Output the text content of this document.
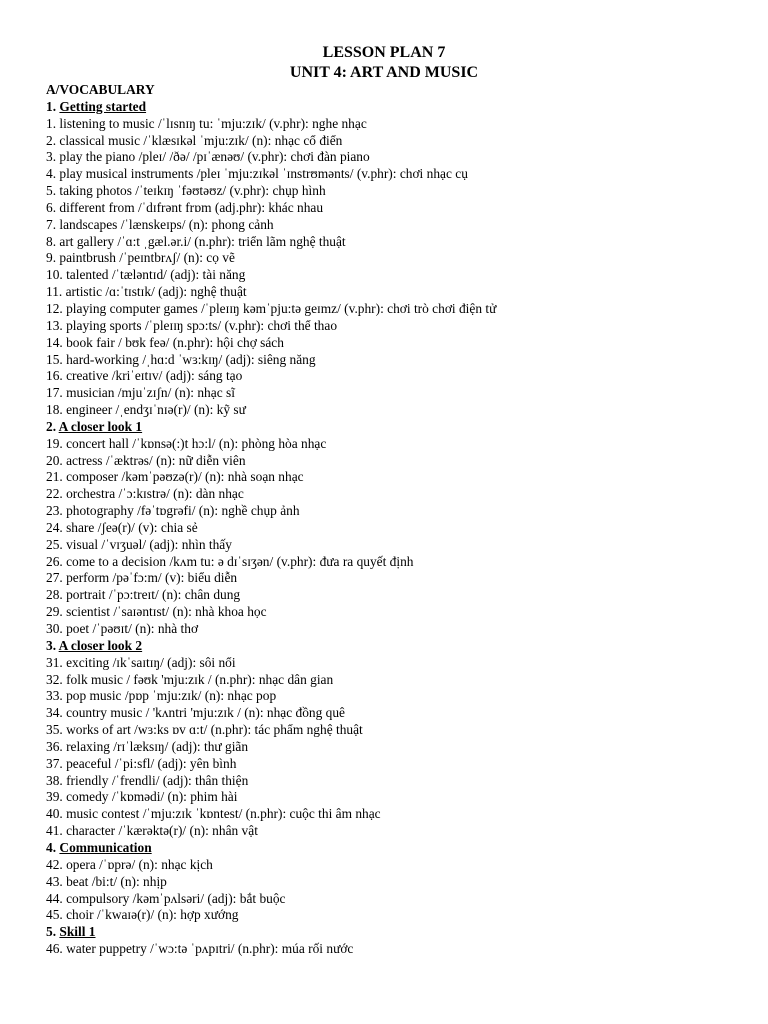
LESSON PLAN 7
UNIT 4: ART AND MUSIC
A/VOCABULARY
1. Getting started
1. listening to music /ˈlɪsnɪŋ tu: ˈmju:zɪk/ (v.phr): nghe nhạc
2. classical music /ˈklæsɪkəl ˈmju:zɪk/ (n): nhạc cổ điển
3. play the piano /pleɪ/ /ðə/ /pɪˈænəʊ/ (v.phr): chơi đàn piano
4. play musical instruments /pleɪ ˈmju:zɪkəl ˈɪnstrʊmənts/ (v.phr): chơi nhạc cụ
5. taking photos /ˈteɪkɪŋ ˈfəʊtəʊz/ (v.phr): chụp hình
6. different from /ˈdɪfrənt frɒm (adj.phr): khác nhau
7. landscapes /ˈlænskeɪps/ (n): phong cảnh
8. art gallery /ˈɑ:t ˌgæl.ər.i/ (n.phr): triển lãm nghệ thuật
9. paintbrush /ˈpeɪntbrʌʃ/ (n): cọ vẽ
10. talented /ˈtæləntɪd/ (adj): tài năng
11. artistic /ɑ:ˈtɪstɪk/ (adj): nghệ thuật
12. playing computer games /ˈpleɪɪŋ kəmˈpju:tə geɪmz/ (v.phr): chơi trò chơi điện tử
13. playing sports /ˈpleɪɪŋ spɔ:ts/ (v.phr): chơi thể thao
14. book fair / bʊk feə/ (n.phr): hội chợ sách
15. hard-working /ˌhɑ:d ˈwɜ:kɪŋ/ (adj): siêng năng
16. creative /kriˈeɪtɪv/ (adj): sáng tạo
17. musician /mjuˈzɪʃn/ (n): nhạc sĩ
18. engineer /ˌendʒɪˈnɪə(r)/ (n): kỹ sư
2. A closer look 1
19. concert hall /ˈkɒnsə(:)t hɔ:l/ (n): phòng hòa nhạc
20. actress /ˈæktrəs/ (n): nữ diễn viên
21. composer /kəmˈpəʊzə(r)/ (n): nhà soạn nhạc
22. orchestra /ˈɔ:kɪstrə/ (n): dàn nhạc
23. photography /fəˈtɒgrəfi/ (n): nghề chụp ảnh
24. share /ʃeə(r)/ (v): chia sẻ
25. visual /ˈvɪʒuəl/ (adj): nhìn thấy
26. come to a decision /kʌm tu: ə dɪˈsɪʒən/ (v.phr): đưa ra quyết định
27. perform /pəˈfɔ:m/ (v): biểu diễn
28. portrait /ˈpɔ:treɪt/ (n): chân dung
29. scientist /ˈsaɪəntɪst/ (n): nhà khoa học
30. poet /ˈpəʊɪt/ (n): nhà thơ
3. A closer look 2
31. exciting /ɪkˈsaɪtɪŋ/ (adj): sôi nổi
32. folk music / fəʊk 'mju:zɪk / (n.phr): nhạc dân gian
33. pop music /pɒp ˈmju:zɪk/ (n): nhạc pop
34. country music / 'kʌntri 'mju:zɪk / (n): nhạc đồng quê
35. works of art /wɜ:ks ɒv ɑ:t/ (n.phr): tác phẩm nghệ thuật
36. relaxing /rɪˈlæksɪŋ/ (adj): thư giãn
37. peaceful /ˈpi:sfl/ (adj): yên bình
38. friendly /ˈfrendli/ (adj): thân thiện
39. comedy /ˈkɒmədi/ (n): phim hài
40. music contest /ˈmju:zɪk ˈkɒntest/ (n.phr): cuộc thi âm nhạc
41. character /ˈkærəktə(r)/ (n): nhân vật
4. Communication
42. opera /ˈɒprə/ (n): nhạc kịch
43. beat /bi:t/ (n): nhịp
44. compulsory /kəmˈpʌlsəri/ (adj): bắt buộc
45. choir /ˈkwaɪə(r)/ (n): hợp xướng
5. Skill 1
46. water puppetry /ˈwɔ:tə ˈpʌpɪtri/ (n.phr): múa rối nước
